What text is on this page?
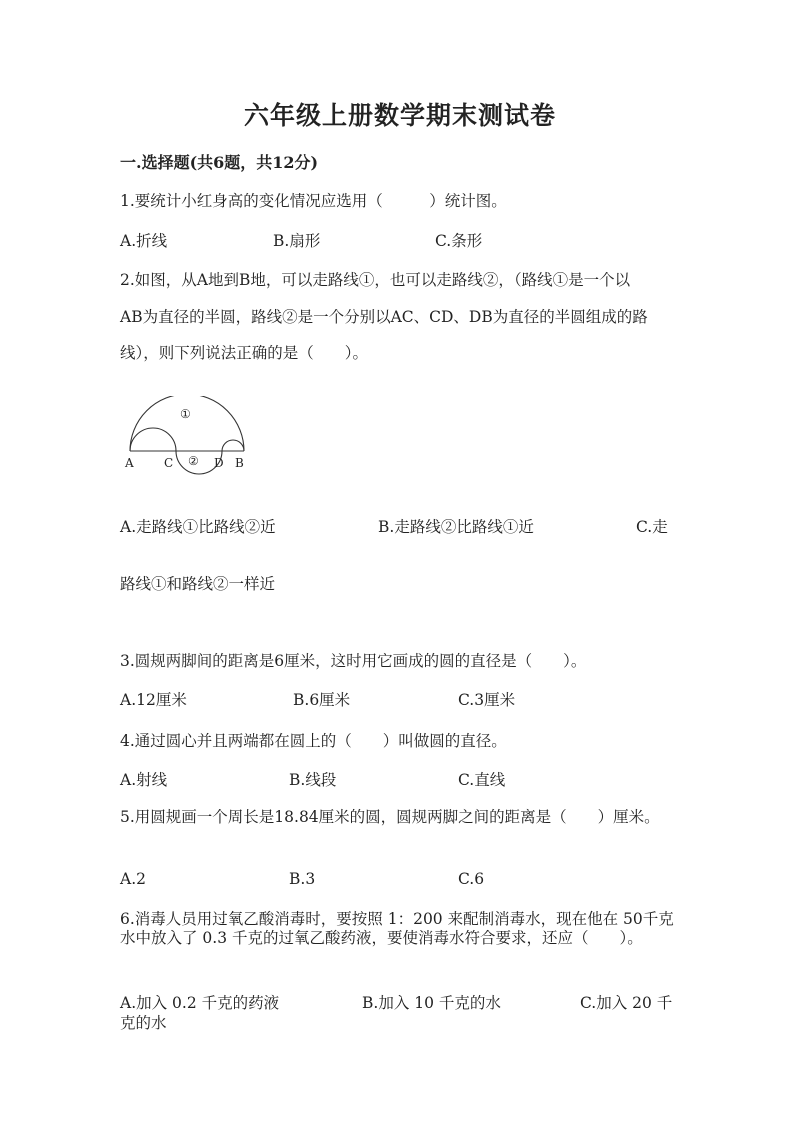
六年级上册数学期末测试卷
一.选择题(共6题，共12分)
1.要统计小红身高的变化情况应选用（　　　）统计图。
A.折线	B.扇形	C.条形
2.如图，从A地到B地，可以走路线①，也可以走路线②，（路线①是一个以
AB为直径的半圆，路线②是一个分别以AC、CD、DB为直径的半圆组成的路
线），则下列说法正确的是（　　）。
①
②
A	C	D B
A.走路线①比路线②近	B.走路线②比路线①近	C.走
路线①和路线②一样近
3.圆规两脚间的距离是6厘米，这时用它画成的圆的直径是（　　）。
A.12厘米	B.6厘米	C.3厘米
4.通过圆心并且两端都在圆上的（　　）叫做圆的直径。
A.射线	B.线段	C.直线
5.用圆规画一个周长是18.84厘米的圆，圆规两脚之间的距离是（　　）厘米。
A.2	B.3	C.6
6.消毒人员用过氧乙酸消毒时，要按照 1：200 来配制消毒水，现在他在 50千克水中放入了 0.3 千克的过氧乙酸药液，要使消毒水符合要求，还应（　　）。
A.加入 0.2 千克的药液	B.加入 10 千克的水	C.加入 20 千
克的水
